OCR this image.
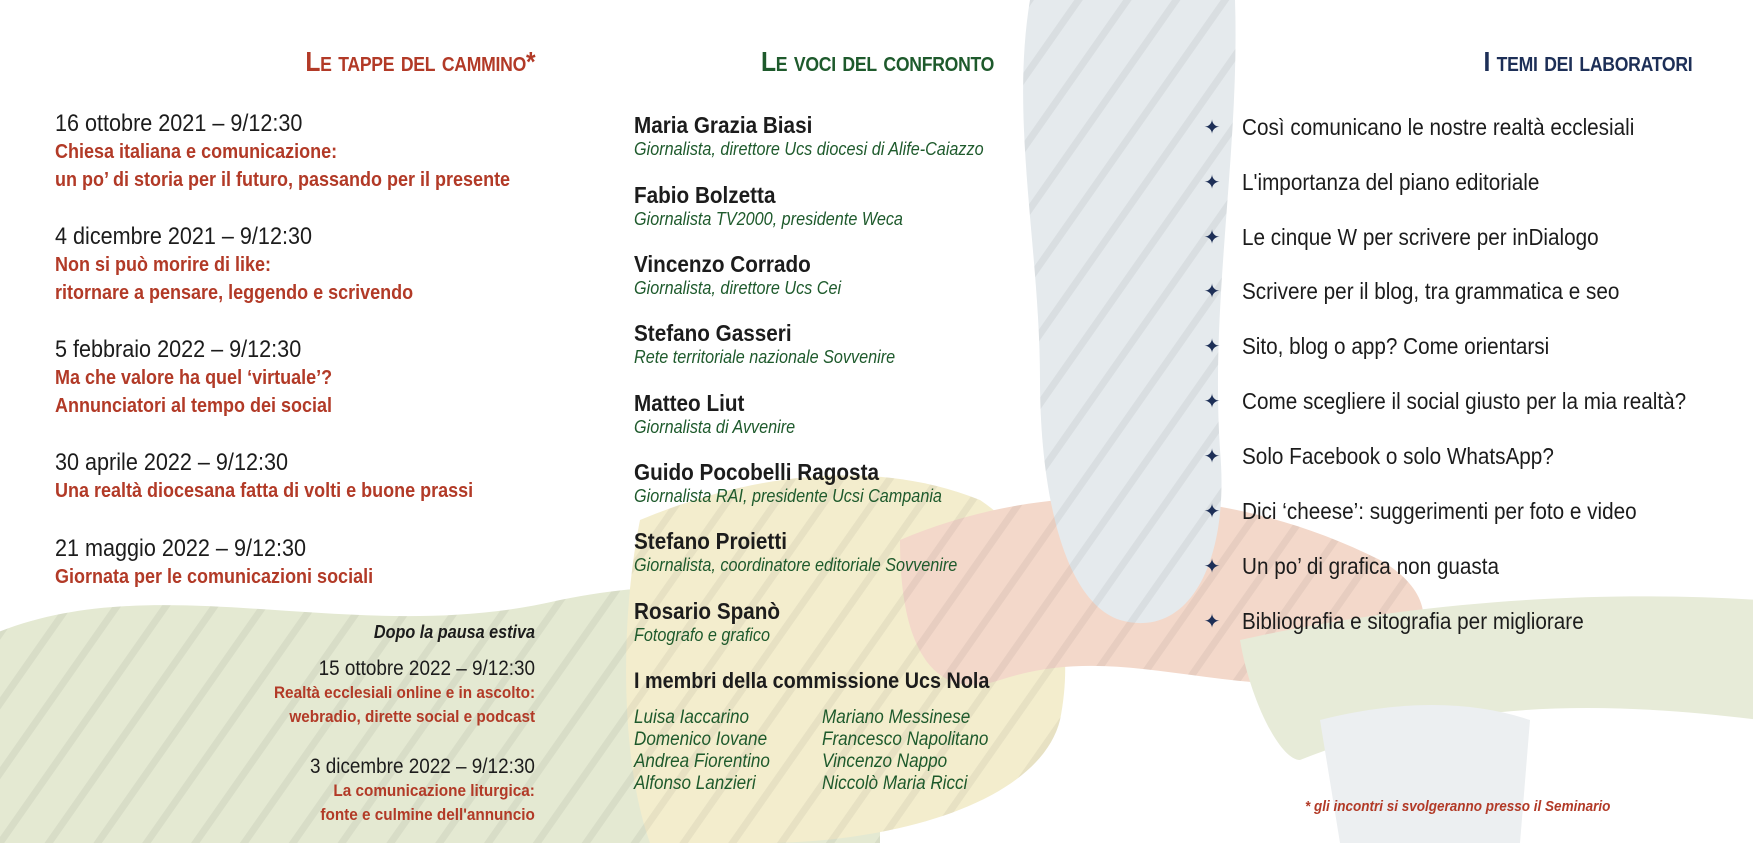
Le tappe del cammino*
16 ottobre 2021 – 9/12:30
Chiesa italiana e comunicazione:
un po’ di storia per il futuro, passando per il presente
4 dicembre 2021 – 9/12:30
Non si può morire di like:
ritornare a pensare, leggendo e scrivendo
5 febbraio 2022 – 9/12:30
Ma che valore ha quel ‘virtuale’?
Annunciatori al tempo dei social
30 aprile 2022 – 9/12:30
Una realtà diocesana fatta di volti e buone prassi
21 maggio 2022 – 9/12:30
Giornata per le comunicazioni sociali
Dopo la pausa estiva
15 ottobre 2022 – 9/12:30
Realtà ecclesiali online e in ascolto:
webradio, dirette social e podcast
3 dicembre 2022 – 9/12:30
La comunicazione liturgica:
fonte e culmine dell'annuncio
Le voci del confronto
Maria Grazia Biasi
Giornalista, direttore Ucs diocesi di Alife-Caiazzo
Fabio Bolzetta
Giornalista TV2000, presidente Weca
Vincenzo Corrado
Giornalista, direttore Ucs Cei
Stefano Gasseri
Rete territoriale nazionale Sovvenire
Matteo Liut
Giornalista di Avvenire
Guido Pocobelli Ragosta
Giornalista RAI, presidente Ucsi Campania
Stefano Proietti
Giornalista, coordinatore editoriale Sovvenire
Rosario Spanò
Fotografo e grafico
I membri della commissione Ucs Nola
Luisa Iaccarino
Domenico Iovane
Andrea Fiorentino
Alfonso Lanzieri
Mariano Messinese
Francesco Napolitano
Vincenzo Nappo
Niccolò Maria Ricci
I temi dei laboratori
✦ Così comunicano le nostre realtà ecclesiali
✦ L'importanza del piano editoriale
✦ Le cinque W per scrivere per inDialogo
✦ Scrivere per il blog, tra grammatica e seo
✦ Sito, blog o app? Come orientarsi
✦ Come scegliere il social giusto per la mia realtà?
✦ Solo Facebook o solo WhatsApp?
✦ Dici ‘cheese’: suggerimenti per foto e video
✦ Un po’ di grafica non guasta
✦ Bibliografia e sitografia per migliorare
* gli incontri si svolgeranno presso il Seminario
